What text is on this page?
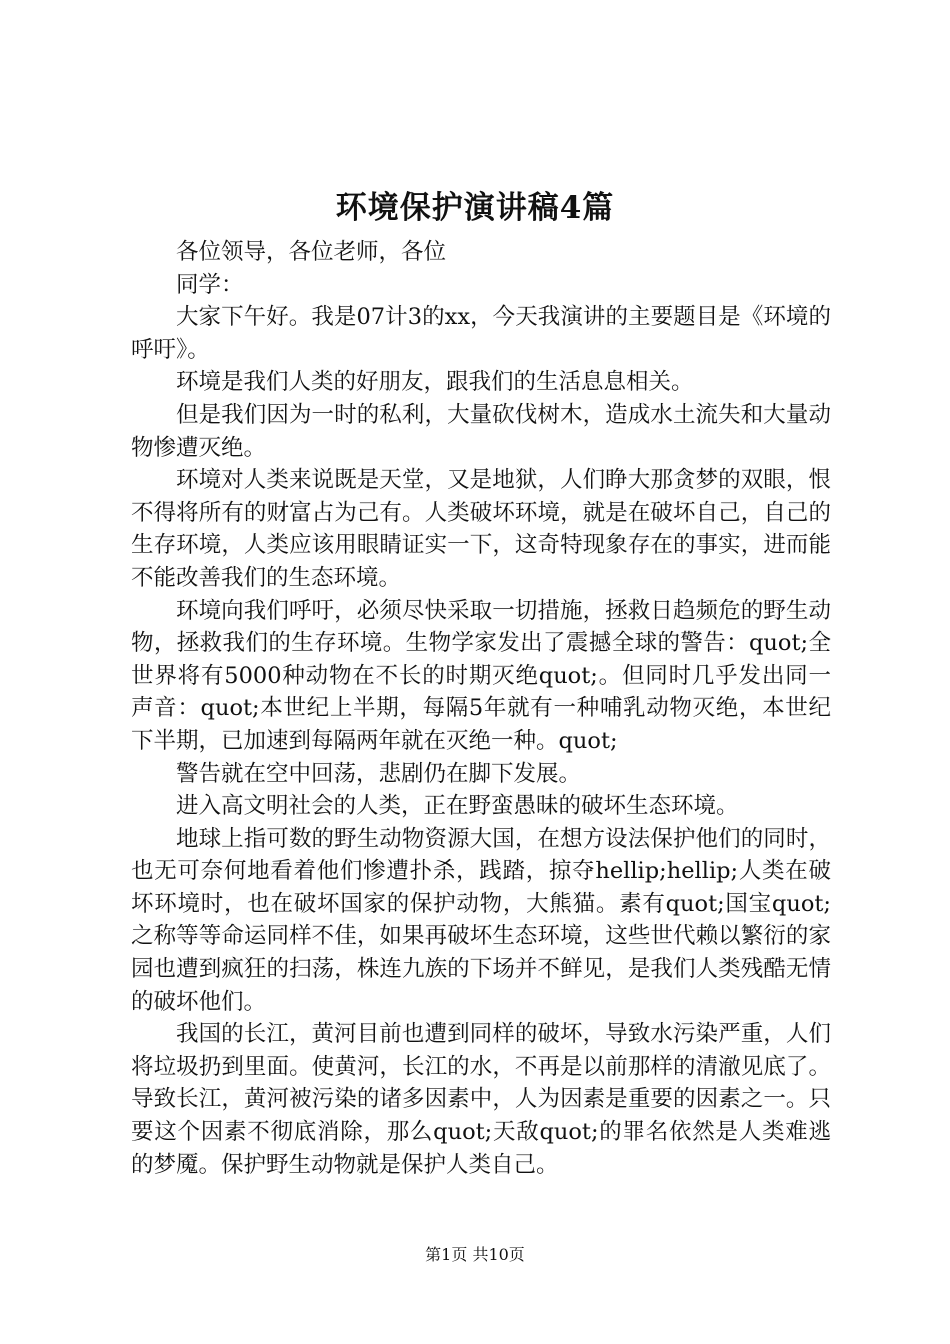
环境保护演讲稿4篇

各位领导，各位老师，各位

同学：

大家下午好。我是07计3的xx，今天我演讲的主要题目是《环境的呼吁》。

环境是我们人类的好朋友，跟我们的生活息息相关。

但是我们因为一时的私利，大量砍伐树木，造成水土流失和大量动物惨遭灭绝。

环境对人类来说既是天堂，又是地狱，人们睁大那贪梦的双眼，恨不得将所有的财富占为己有。人类破坏环境，就是在破坏自己，自己的生存环境，人类应该用眼睛证实一下，这奇特现象存在的事实，进而能不能改善我们的生态环境。

环境向我们呼吁，必须尽快采取一切措施，拯救日趋频危的野生动物，拯救我们的生存环境。生物学家发出了震撼全球的警告：quot;全世界将有5000种动物在不长的时期灭绝quot;。但同时几乎发出同一声音：quot;本世纪上半期，每隔5年就有一种哺乳动物灭绝，本世纪下半期，已加速到每隔两年就在灭绝一种。quot;

警告就在空中回荡，悲剧仍在脚下发展。

进入高文明社会的人类，正在野蛮愚昧的破坏生态环境。

地球上指可数的野生动物资源大国，在想方设法保护他们的同时，也无可奈何地看着他们惨遭扑杀，践踏，掠夺hellip;hellip;人类在破坏环境时，也在破坏国家的保护动物，大熊猫。素有quot;国宝quot;之称等等命运同样不佳，如果再破坏生态环境，这些世代赖以繁衍的家园也遭到疯狂的扫荡，株连九族的下场并不鲜见，是我们人类残酷无情的破坏他们。

我国的长江，黄河目前也遭到同样的破坏，导致水污染严重，人们将垃圾扔到里面。使黄河，长江的水，不再是以前那样的清澈见底了。导致长江，黄河被污染的诸多因素中，人为因素是重要的因素之一。只要这个因素不彻底消除，那么quot;天敌quot;的罪名依然是人类难逃的梦魇。保护野生动物就是保护人类自己。

第1页 共10页
